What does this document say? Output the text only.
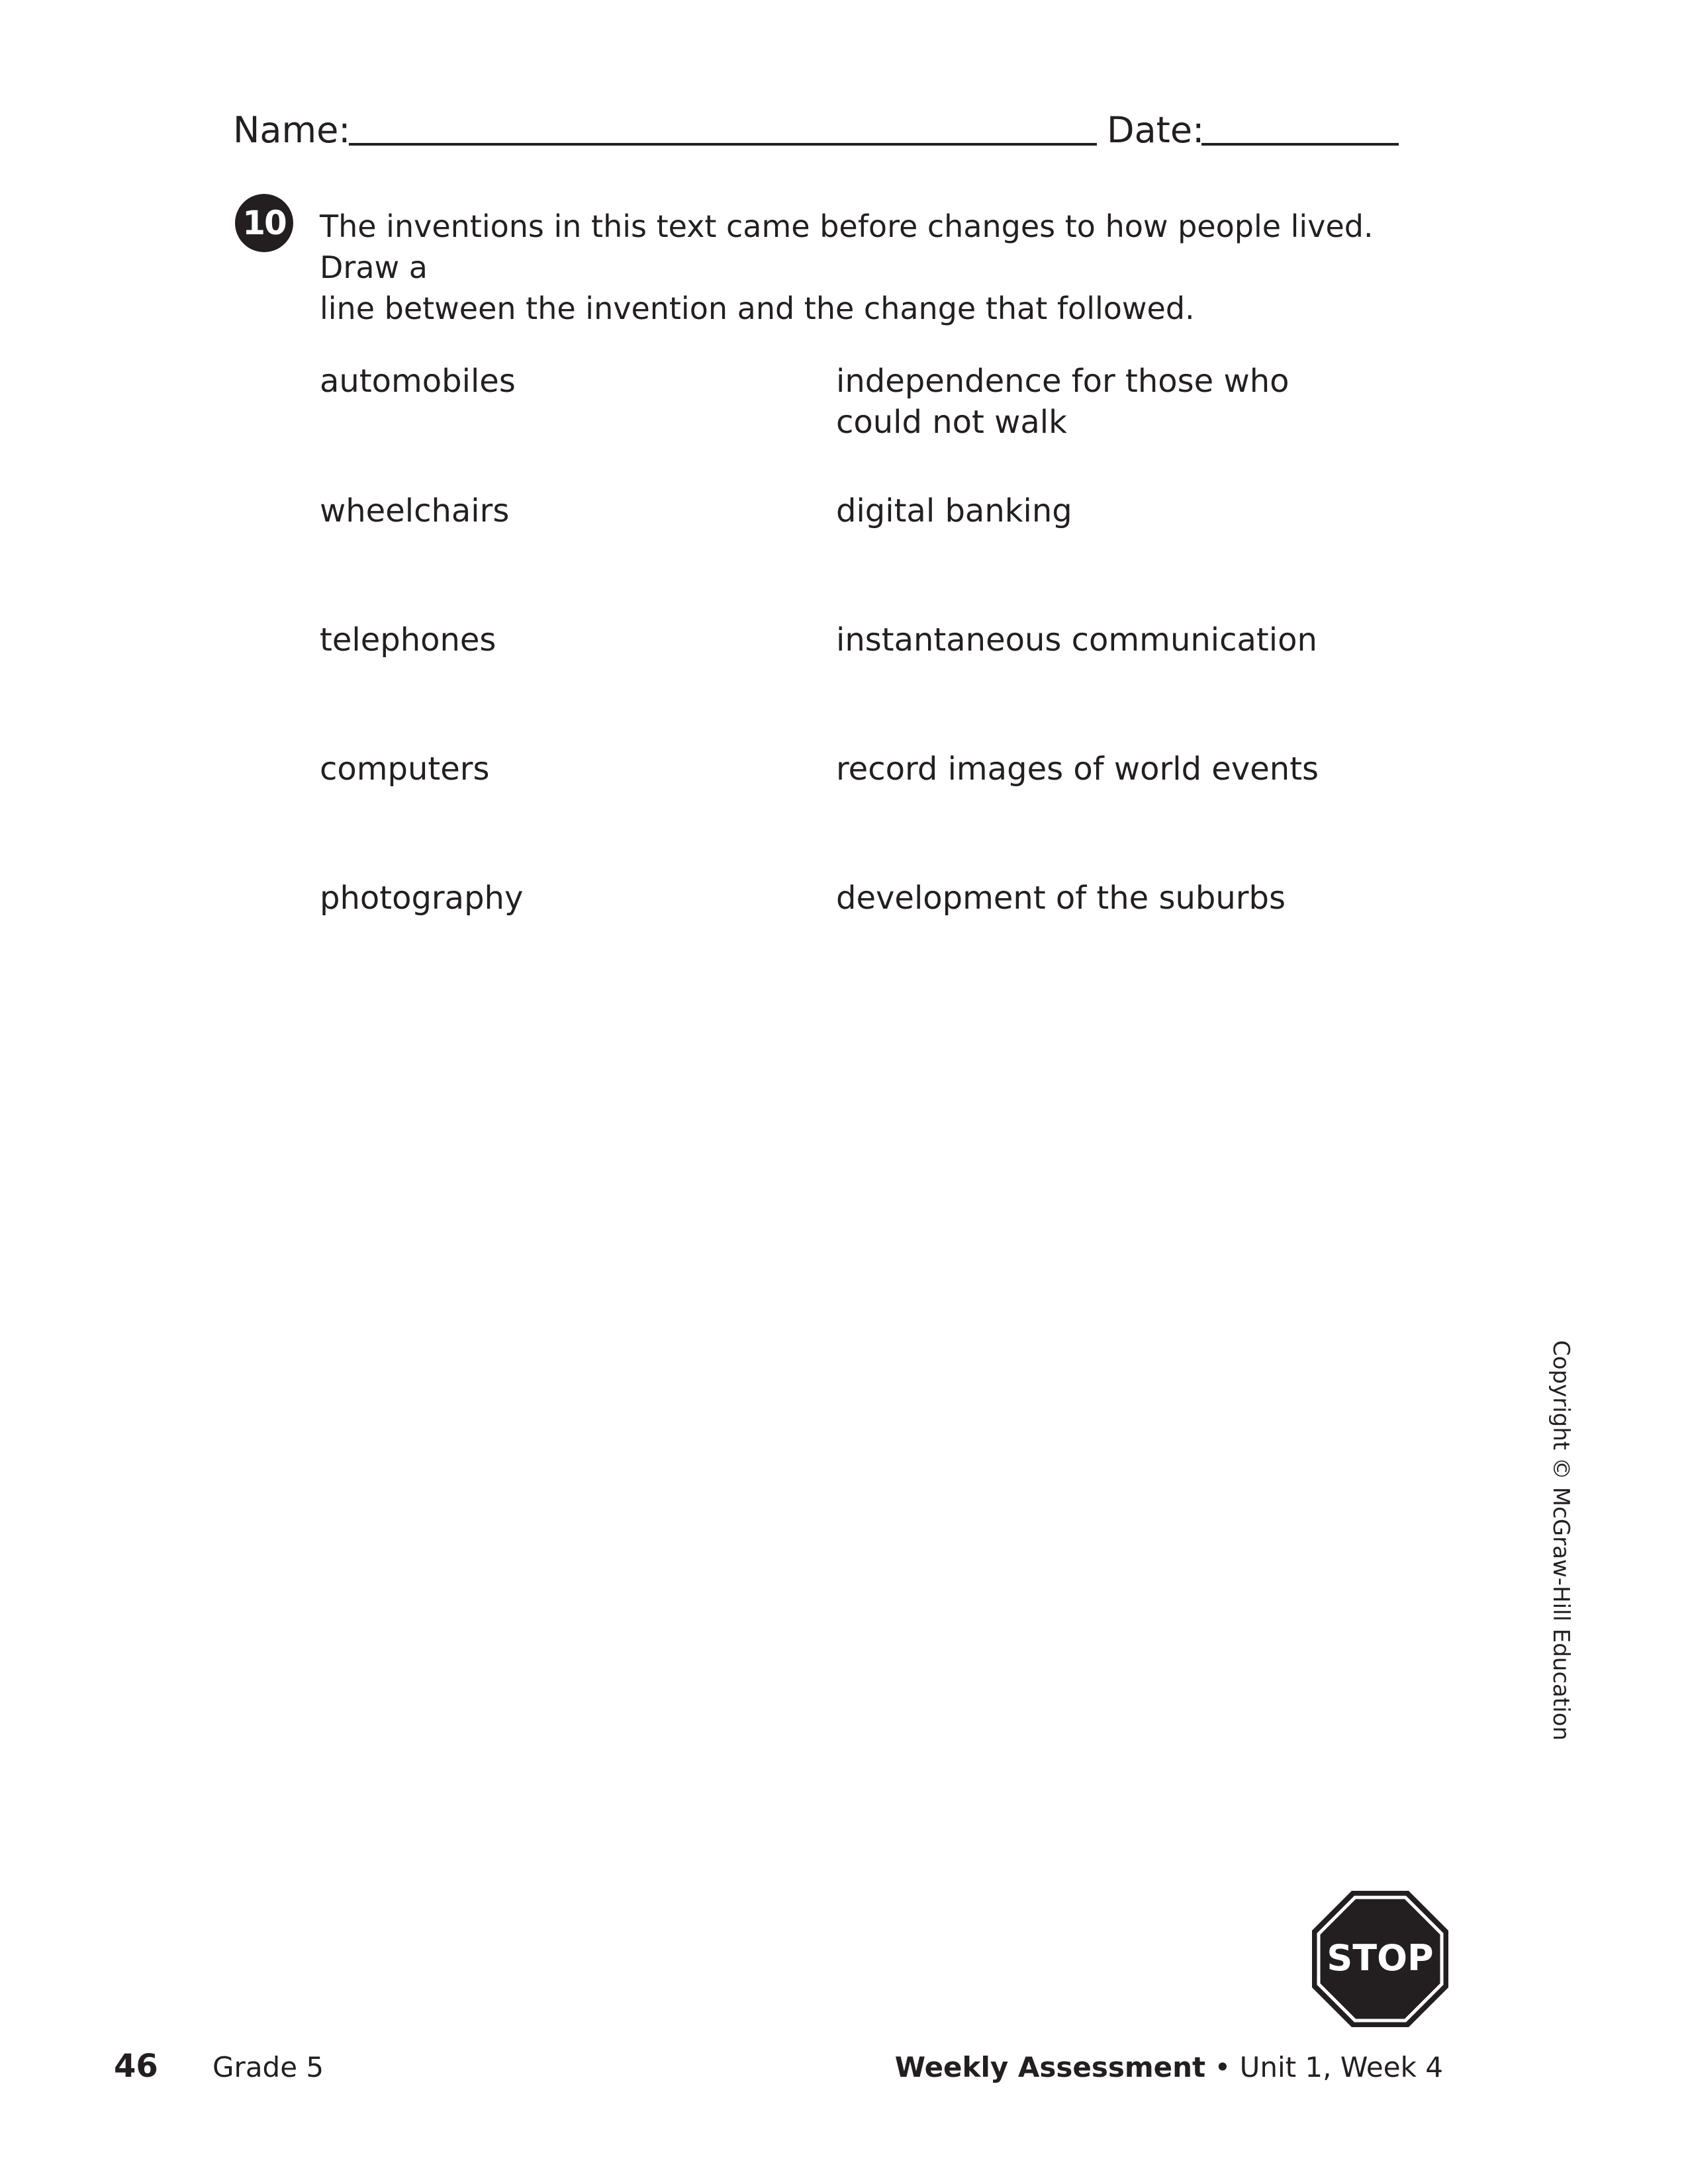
Name:	Date:
10 The inventions in this text came before changes to how people lived. Draw a
line between the invention and the change that followed.
automobiles
wheelchairs
telephones
computers
photography
independence for those who
could not walk
digital banking
instantaneous communication
record images of world events
development of the suburbs
Copyright © McGraw-Hill Education
STOP
46 Grade 5	Weekly Assessment • Unit 1, Week 4
